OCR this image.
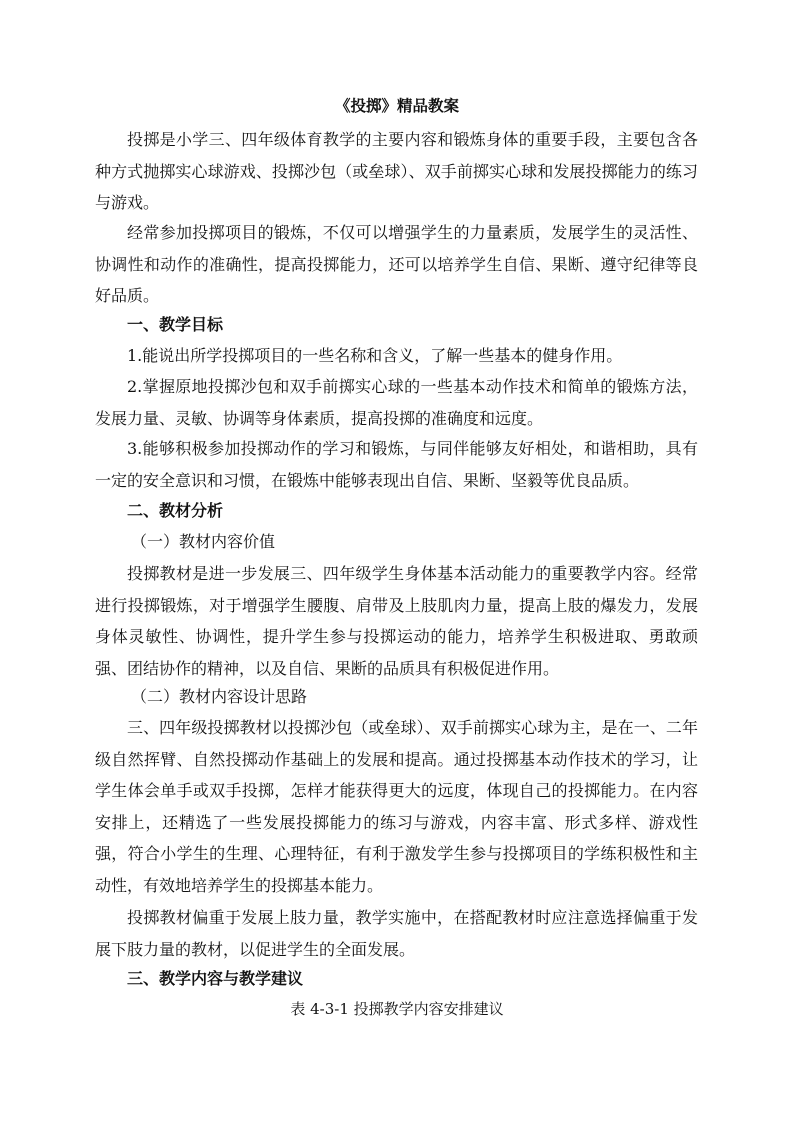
《投掷》精品教案

投掷是小学三、四年级体育教学的主要内容和锻炼身体的重要手段，主要包含各种方式抛掷实心球游戏、投掷沙包（或垒球）、双手前掷实心球和发展投掷能力的练习与游戏。

经常参加投掷项目的锻炼，不仅可以增强学生的力量素质，发展学生的灵活性、协调性和动作的准确性，提高投掷能力，还可以培养学生自信、果断、遵守纪律等良好品质。

一、教学目标

1.能说出所学投掷项目的一些名称和含义，了解一些基本的健身作用。

2.掌握原地投掷沙包和双手前掷实心球的一些基本动作技术和简单的锻炼方法，发展力量、灵敏、协调等身体素质，提高投掷的准确度和远度。

3.能够积极参加投掷动作的学习和锻炼，与同伴能够友好相处，和谐相助，具有一定的安全意识和习惯，在锻炼中能够表现出自信、果断、坚毅等优良品质。

二、教材分析
（一）教材内容价值

投掷教材是进一步发展三、四年级学生身体基本活动能力的重要教学内容。经常进行投掷锻炼，对于增强学生腰腹、肩带及上肢肌肉力量，提高上肢的爆发力，发展身体灵敏性、协调性，提升学生参与投掷运动的能力，培养学生积极进取、勇敢顽强、团结协作的精神，以及自信、果断的品质具有积极促进作用。

（二）教材内容设计思路

三、四年级投掷教材以投掷沙包（或垒球）、双手前掷实心球为主，是在一、二年级自然挥臂、自然投掷动作基础上的发展和提高。通过投掷基本动作技术的学习，让学生体会单手或双手投掷，怎样才能获得更大的远度，体现自己的投掷能力。在内容安排上，还精选了一些发展投掷能力的练习与游戏，内容丰富、形式多样、游戏性强，符合小学生的生理、心理特征，有利于激发学生参与投掷项目的学练积极性和主动性，有效地培养学生的投掷基本能力。

投掷教材偏重于发展上肢力量，教学实施中，在搭配教材时应注意选择偏重于发展下肢力量的教材，以促进学生的全面发展。

三、教学内容与教学建议
表 4-3-1 投掷教学内容安排建议
